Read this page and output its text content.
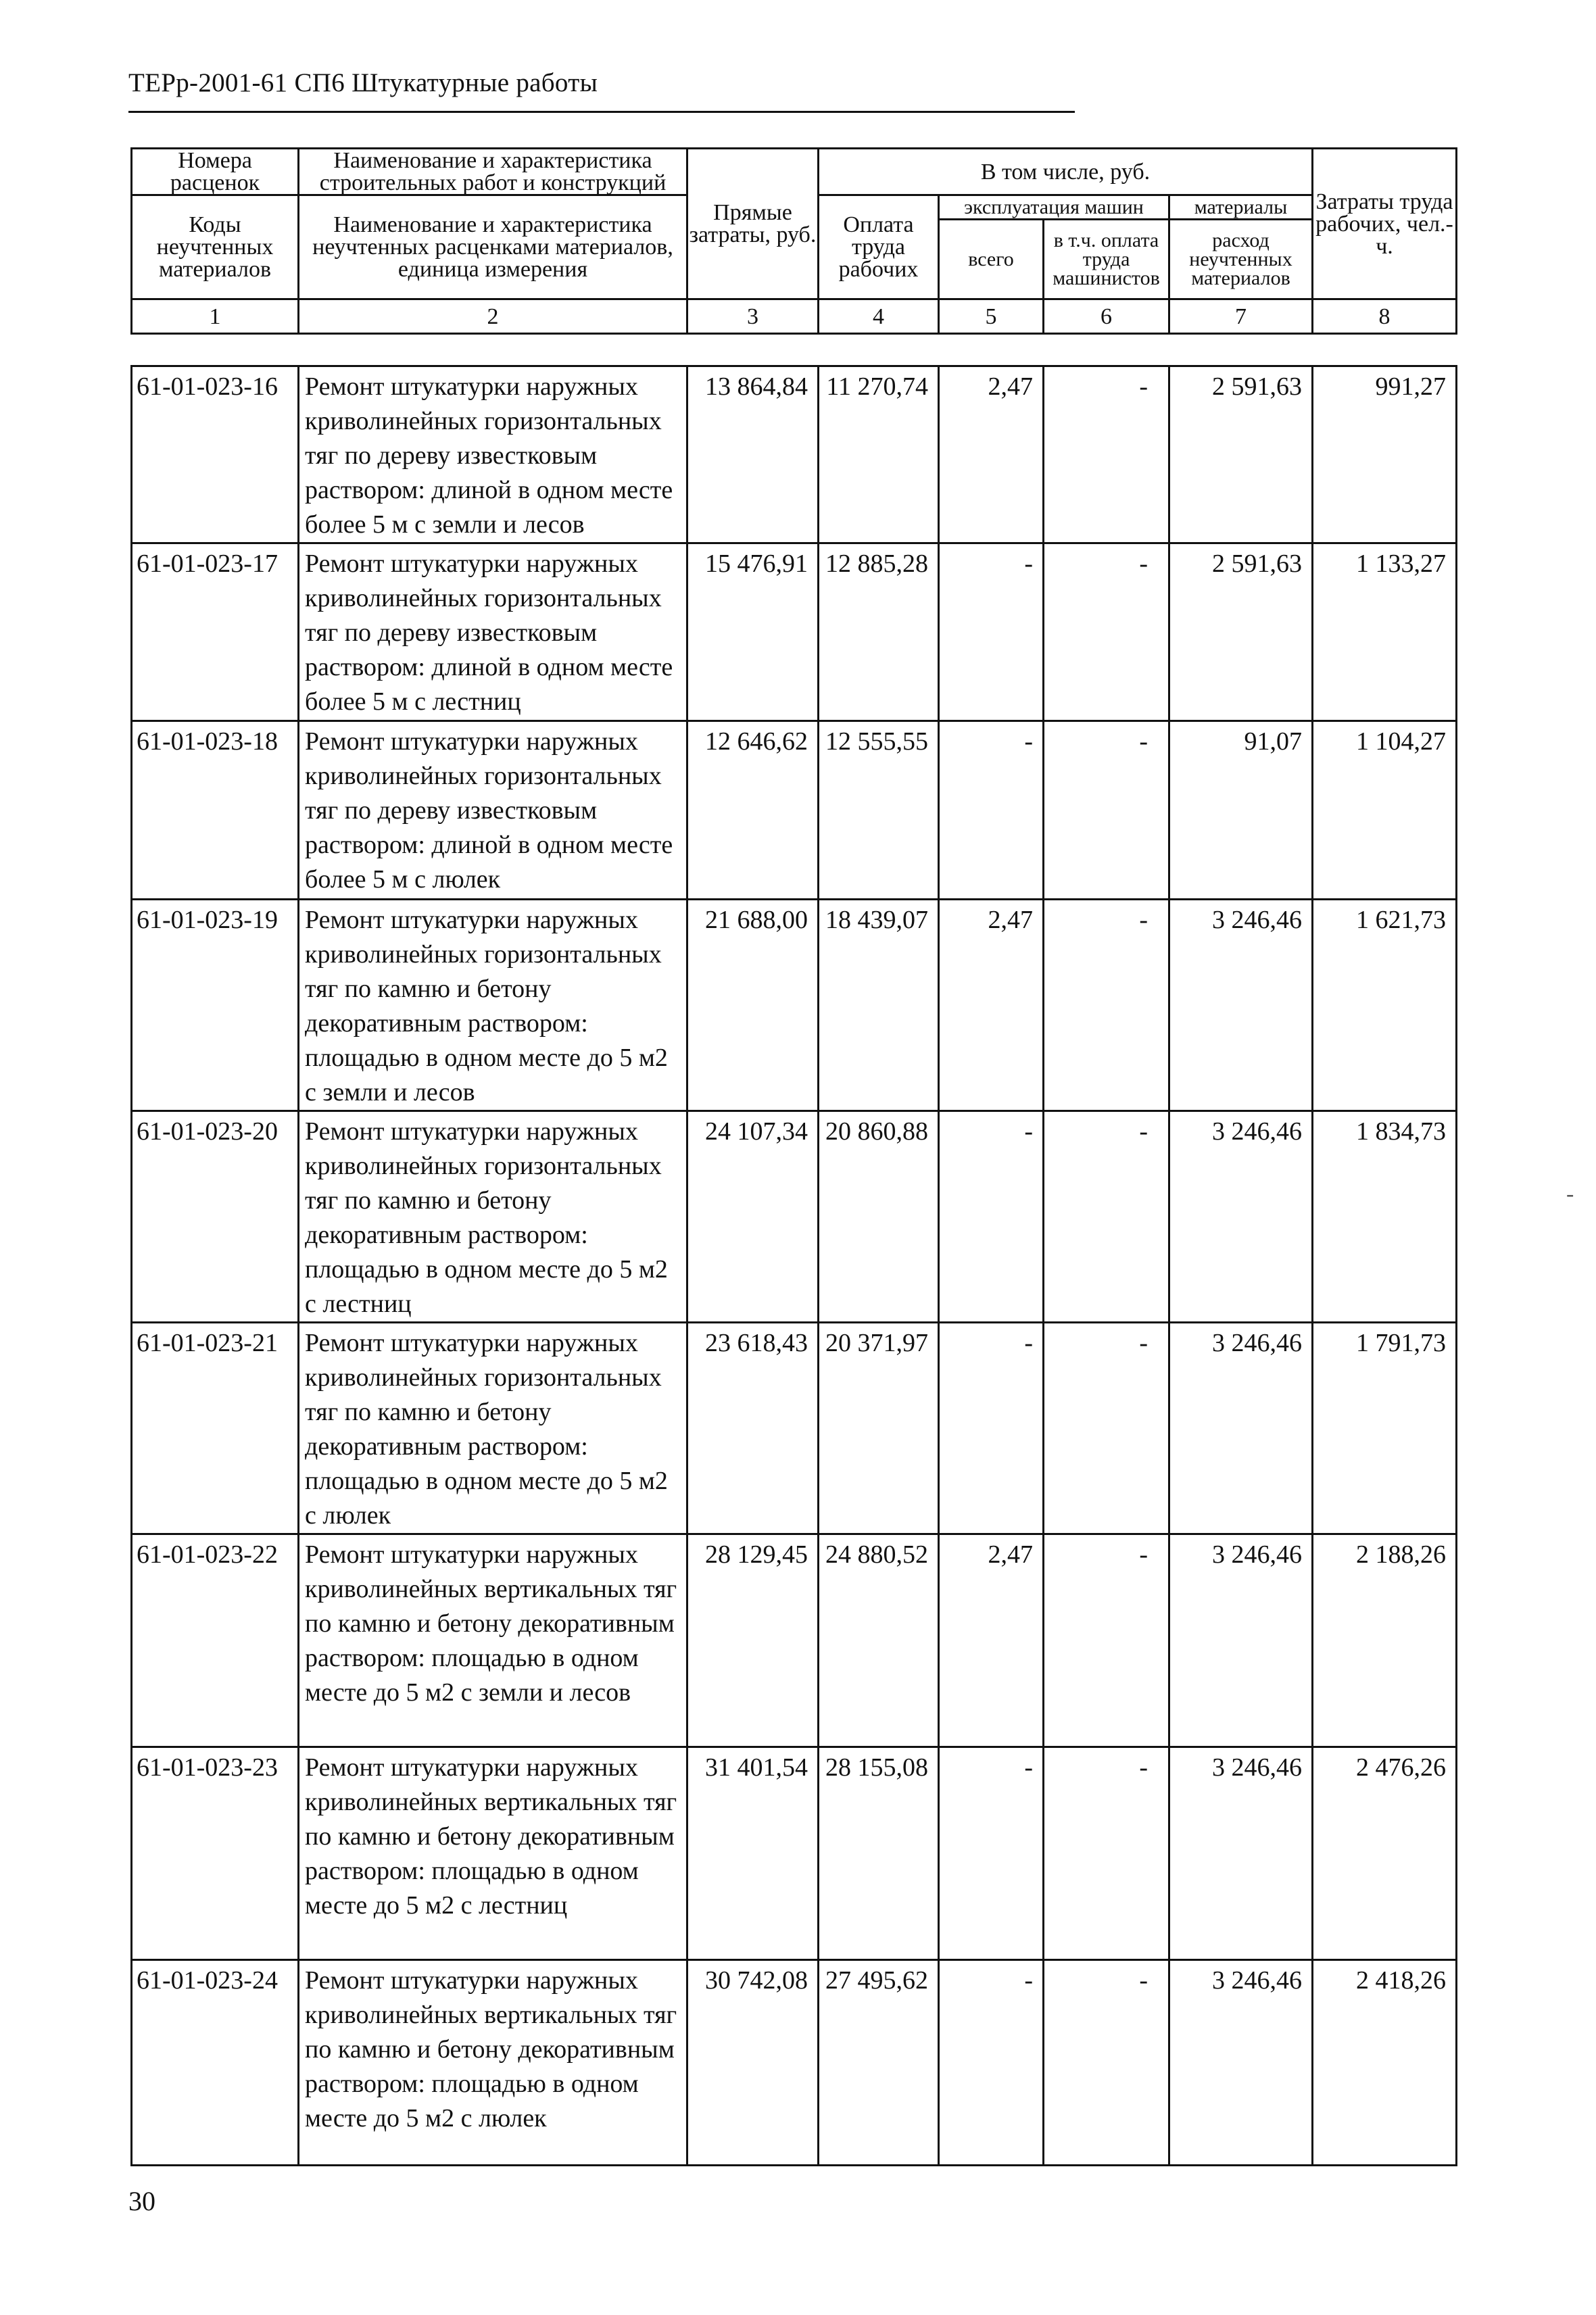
ТЕРр-2001-61 СП6 Штукатурные работы
Номера расценок	Наименование и характеристика строительных работ и конструкций	Прямые затраты, руб.	В том числе, руб.				Затраты труда рабочих, чел.-ч.
Коды неучтенных материалов	Наименование и характеристика неучтенных расценками материалов, единица измерения		Оплата труда рабочих	эксплуатация машин		материалы	
				всего	в т.ч. оплата труда машинистов	расход неучтенных материалов	

1	2	3	4	5	6	7	8
61-01-023-16	Ремонт штукатурки наружных криволинейных горизонтальных тяг по дереву известковым раствором: длиной в одном месте более 5 м с земли и лесов	13 864,84	11 270,74	2,47	-	2 591,63	991,27
61-01-023-17	Ремонт штукатурки наружных криволинейных горизонтальных тяг по дереву известковым раствором: длиной в одном месте более 5 м с лестниц	15 476,91	12 885,28	-	-	2 591,63	1 133,27
61-01-023-18	Ремонт штукатурки наружных криволинейных горизонтальных тяг по дереву известковым раствором: длиной в одном месте более 5 м с люлек	12 646,62	12 555,55	-	-	91,07	1 104,27
61-01-023-19	Ремонт штукатурки наружных криволинейных горизонтальных тяг по камню и бетону декоративным раствором: площадью в одном месте до 5 м2 с земли и лесов	21 688,00	18 439,07	2,47	-	3 246,46	1 621,73
61-01-023-20	Ремонт штукатурки наружных криволинейных горизонтальных тяг по камню и бетону декоративным раствором: площадью в одном месте до 5 м2 с лестниц	24 107,34	20 860,88	-	-	3 246,46	1 834,73
61-01-023-21	Ремонт штукатурки наружных криволинейных горизонтальных тяг по камню и бетону декоративным раствором: площадью в одном месте до 5 м2 с люлек	23 618,43	20 371,97	-	-	3 246,46	1 791,73
61-01-023-22	Ремонт штукатурки наружных криволинейных вертикальных тяг по камню и бетону декоративным раствором: площадью в одном месте до 5 м2 с земли и лесов	28 129,45	24 880,52	2,47	-	3 246,46	2 188,26
61-01-023-23	Ремонт штукатурки наружных криволинейных вертикальных тяг по камню и бетону декоративным раствором: площадью в одном месте до 5 м2 с лестниц	31 401,54	28 155,08	-	-	3 246,46	2 476,26
61-01-023-24	Ремонт штукатурки наружных криволинейных вертикальных тяг по камню и бетону декоративным раствором: площадью в одном месте до 5 м2 с люлек	30 742,08	27 495,62	-	-	3 246,46	2 418,26
30
-
